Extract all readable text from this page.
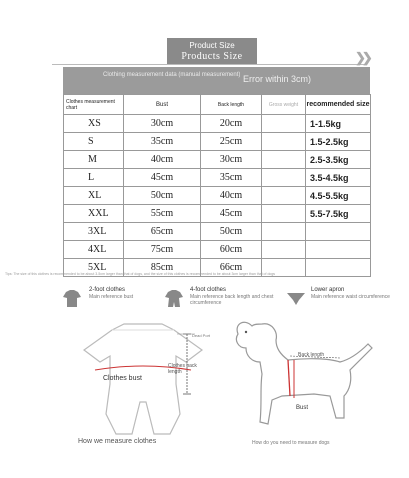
Product Size
Products Size	❯❯
Clothing measurement data (manual measurement) Error within 3cm)
Clothes measurement chart	Bust	Back length	Gross weight	recommended size
XS	30cm	20cm		1-1.5kg
S	35cm	25cm		1.5-2.5kg
M	40cm	30cm		2.5-3.5kg
L	45cm	35cm		3.5-4.5kg
XL	50cm	40cm		4.5-5.5kg
XXL	55cm	45cm		5.5-7.5kg
3XL	65cm	50cm		
4XL	75cm	60cm		
5XL	85cm	66cm		
Tips: The size of this clothes is recommended to be about 3-5cm larger than that of dogs, and the size of this clothes is recommended to be about 3cm larger than that of dogs
2-foot clothes
Main reference bust
4-foot clothes
Main reference back length and chest circumference
Lower apron
Main reference waist circumference
Clothes bust
Dead Port
Clothes back length
How we measure clothes
Back length
Bust
How do you need to measure dogs
